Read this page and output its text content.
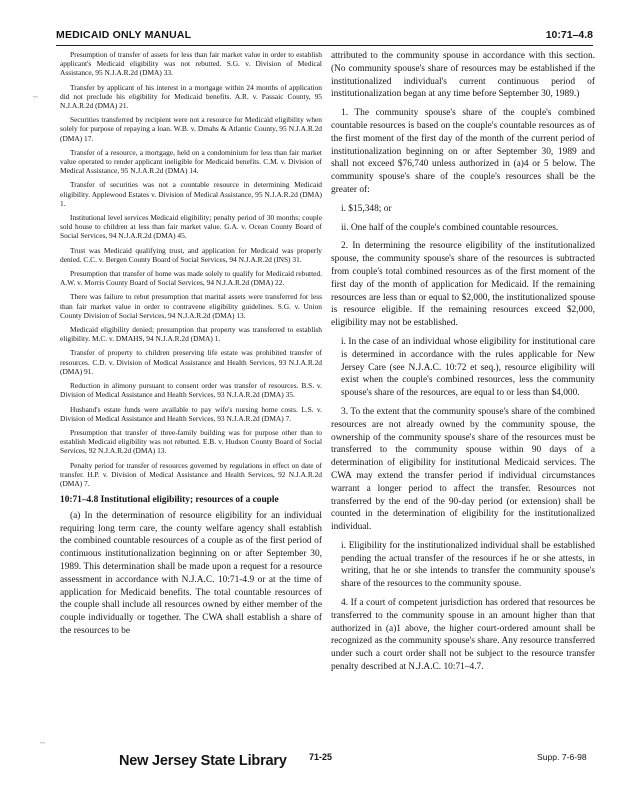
MEDICAID ONLY MANUAL	10:71–4.8
~
~

Presumption of transfer of assets for less than fair market value in order to establish applicant's Medicaid eligibility was not rebutted. S.G. v. Division of Medical Assistance, 95 N.J.A.R.2d (DMA) 33.

Transfer by applicant of his interest in a mortgage within 24 months of application did not preclude his eligibility for Medicaid benefits. A.R. v. Passaic County, 95 N.J.A.R.2d (DMA) 21.

Securities transferred by recipient were not a resource for Medicaid eligibility when solely for purpose of repaying a loan. W.B. v. Dmahs & Atlantic County, 95 N.J.A.R.2d (DMA) 17.

Transfer of a resource, a mortgage, held on a condominium for less than fair market value operated to render applicant ineligible for Medicaid benefits. C.M. v. Division of Medical Assistance, 95 N.J.A.R.2d (DMA) 14.

Transfer of securities was not a countable resource in determining Medicaid eligibility. Applewood Estates v. Division of Medical Assistance, 95 N.J.A.R.2d (DMA) 1.

Institutional level services Medicaid eligibility; penalty period of 30 months; couple sold house to children at less than fair market value. G.A. v. Ocean County Board of Social Services, 94 N.J.A.R.2d (DMA) 45.

Trust was Medicaid qualifying trust, and application for Medicaid was properly denied. C.C. v. Bergen County Board of Social Services, 94 N.J.A.R.2d (INS) 31.

Presumption that transfer of home was made solely to qualify for Medicaid rebutted. A.W. v. Morris County Board of Social Services, 94 N.J.A.R.2d (DMA) 22.

There was failure to rebut presumption that marital assets were transferred for less than fair market value in order to contravene eligibility guidelines. S.G. v. Union County Division of Social Services, 94 N.J.A.R.2d (DMA) 13.

Medicaid eligibility denied; presumption that property was transferred to establish eligibility. M.C. v. DMAHS, 94 N.J.A.R.2d (DMA) 1.

Transfer of property to children preserving life estate was prohibited transfer of resources. C.D. v. Division of Medical Assistance and Health Services, 93 N.J.A.R.2d (DMA) 91.

Reduction in alimony pursuant to consent order was transfer of resources. B.S. v. Division of Medical Assistance and Health Services, 93 N.J.A.R.2d (DMA) 35.

Husband's estate funds were available to pay wife's nursing home costs. L.S. v. Division of Medical Assistance and Health Services, 93 N.J.A.R.2d (DMA) 7.

Presumption that transfer of three-family building was for purpose other than to establish Medicaid eligibility was not rebutted. E.B. v. Hudson County Board of Social Services, 92 N.J.A.R.2d (DMA) 13.

Penalty period for transfer of resources governed by regulations in effect on date of transfer. H.P. v. Division of Medical Assistance and Health Services, 92 N.J.A.R.2d (DMA) 7.

10:71–4.8 Institutional eligibility; resources of a couple

(a) In the determination of resource eligibility for an individual requiring long term care, the county welfare agency shall establish the combined countable resources of a couple as of the first period of continuous institutionalization beginning on or after September 30, 1989. This determination shall be made upon a request for a resource assessment in accordance with N.J.A.C. 10:71-4.9 or at the time of application for Medicaid benefits. The total countable resources of the couple shall include all resources owned by either member of the couple individually or together. The CWA shall establish a share of the resources to be

attributed to the community spouse in accordance with this section. (No community spouse's share of resources may be established if the institutionalized individual's current continuous period of institutionalization began at any time before September 30, 1989.)

1. The community spouse's share of the couple's combined countable resources is based on the couple's countable resources as of the first moment of the first day of the month of the current period of institutionalization beginning on or after September 30, 1989 and shall not exceed $76,740 unless authorized in (a)4 or 5 below. The community spouse's share of the couple's resources shall be the greater of:

i. $15,348; or

ii. One half of the couple's combined countable resources.

2. In determining the resource eligibility of the institutionalized spouse, the community spouse's share of the resources is subtracted from couple's total combined resources as of the first moment of the first day of the month of application for Medicaid. If the remaining resources are less than or equal to $2,000, the institutionalized spouse is resource eligible. If the remaining resources exceed $2,000, eligibility may not be established.

i. In the case of an individual whose eligibility for institutional care is determined in accordance with the rules applicable for New Jersey Care (see N.J.A.C. 10:72 et seq.), resource eligibility will exist when the couple's combined resources, less the community spouse's share of the resources, are equal to or less than $4,000.

3. To the extent that the community spouse's share of the combined resources are not already owned by the community spouse, the ownership of the community spouse's share of the resources must be transferred to the community spouse within 90 days of a determination of eligibility for institutional Medicaid services. The CWA may extend the transfer period if individual circumstances warrant a longer period to affect the transfer. Resources not transferred by the end of the 90-day period (or extension) shall be counted in the determination of eligibility for the institutionalized individual.

i. Eligibility for the institutionalized individual shall be established pending the actual transfer of the resources if he or she attests, in writing, that he or she intends to transfer the community spouse's share of the resources to the community spouse.

4. If a court of competent jurisdiction has ordered that resources be transferred to the community spouse in an amount higher than that authorized in (a)1 above, the higher court-ordered amount shall be recognized as the community spouse's share. Any resource transferred under such a court order shall not be subject to the resource transfer penalty described at N.J.A.C. 10:71–4.7.

New Jersey State Library 71-25	Supp. 7-6-98
